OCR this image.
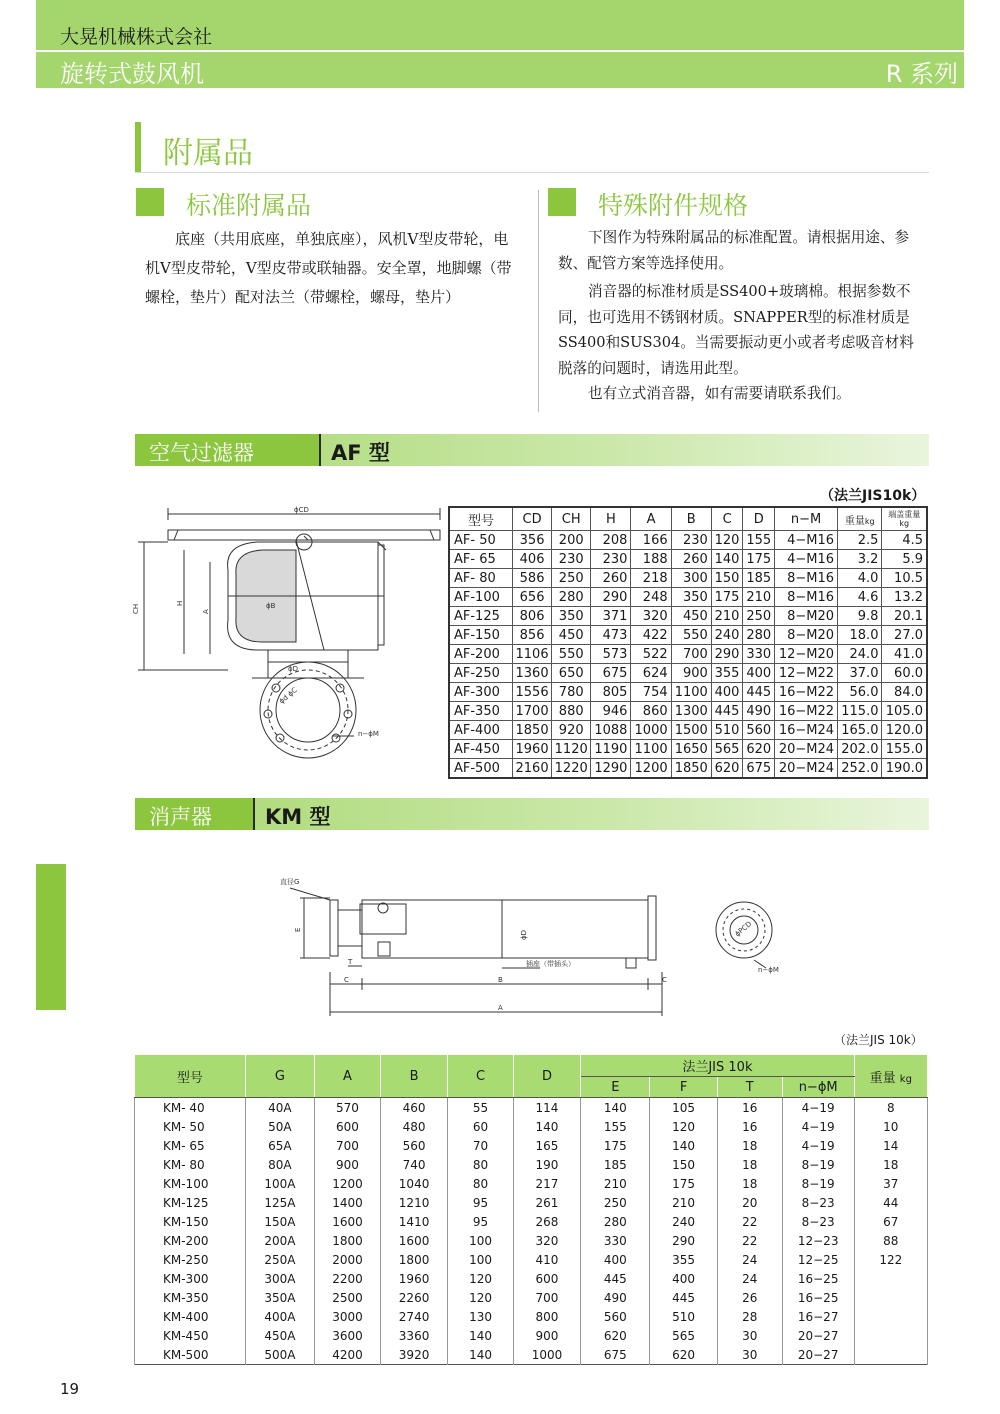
大晃机械株式会社
旋转式鼓风机	R 系列
附属品
标准附属品

底座（共用底座，单独底座），风机V型皮带轮，电机V型皮带轮，V型皮带或联轴器。安全罩，地脚螺（带螺栓，垫片）配对法兰（带螺栓，螺母，垫片）

特殊附件规格

下图作为特殊附属品的标准配置。请根据用途、参数、配管方案等选择使用。

消音器的标准材质是SS400+玻璃棉。根据参数不同，也可选用不锈钢材质。SNAPPER型的标准材质是SS400和SUS304。当需要振动更小或者考虑吸音材料脱落的问题时，请选用此型。

也有立式消音器，如有需要请联系我们。

空气过滤器	AF 型
（法兰JIS10k）
ϕCD
CH
H
A
ϕB
ϕD
ϕd ϕC
n−ϕM
型号	CD	CH	H	A	B	C	D	n−M	重量kg	端盖重量
kg

AF- 50	356	200	208	166	230	120	155	4−M16	2.5	4.5
AF- 65	406	230	230	188	260	140	175	4−M16	3.2	5.9
AF- 80	586	250	260	218	300	150	185	8−M16	4.0	10.5
AF-100	656	280	290	248	350	175	210	8−M16	4.6	13.2
AF-125	806	350	371	320	450	210	250	8−M20	9.8	20.1
AF-150	856	450	473	422	550	240	280	8−M20	18.0	27.0
AF-200	1106	550	573	522	700	290	330	12−M20	24.0	41.0
AF-250	1360	650	675	624	900	355	400	12−M22	37.0	60.0
AF-300	1556	780	805	754	1100	400	445	16−M22	56.0	84.0
AF-350	1700	880	946	860	1300	445	490	16−M22	115.0	105.0
AF-400	1850	920	1088	1000	1500	510	560	16−M24	165.0	120.0
AF-450	1960	1120	1190	1100	1650	565	620	20−M24	202.0	155.0
AF-500	2160	1220	1290	1200	1850	620	675	20−M24	252.0	190.0
消声器	KM 型
直径G
E
ϕD
T
C	B	C
A
插座（带插头）
ϕPCD
n−ϕM
（法兰JIS 10k）
型号	G	A	B	C	D	法兰JIS 10k				重量 kg
						E	F	T	n−ϕM	
KM- 40	40A	570	460	55	114	140	105	16	4−19	8
KM- 50	50A	600	480	60	140	155	120	16	4−19	10
KM- 65	65A	700	560	70	165	175	140	18	4−19	14
KM- 80	80A	900	740	80	190	185	150	18	8−19	18
KM-100	100A	1200	1040	80	217	210	175	18	8−19	37
KM-125	125A	1400	1210	95	261	250	210	20	8−23	44
KM-150	150A	1600	1410	95	268	280	240	22	8−23	67
KM-200	200A	1800	1600	100	320	330	290	22	12−23	88
KM-250	250A	2000	1800	100	410	400	355	24	12−25	122
KM-300	300A	2200	1960	120	600	445	400	24	16−25	
KM-350	350A	2500	2260	120	700	490	445	26	16−25	
KM-400	400A	3000	2740	130	800	560	510	28	16−27	
KM-450	450A	3600	3360	140	900	620	565	30	20−27	
KM-500	500A	4200	3920	140	1000	675	620	30	20−27	
19
